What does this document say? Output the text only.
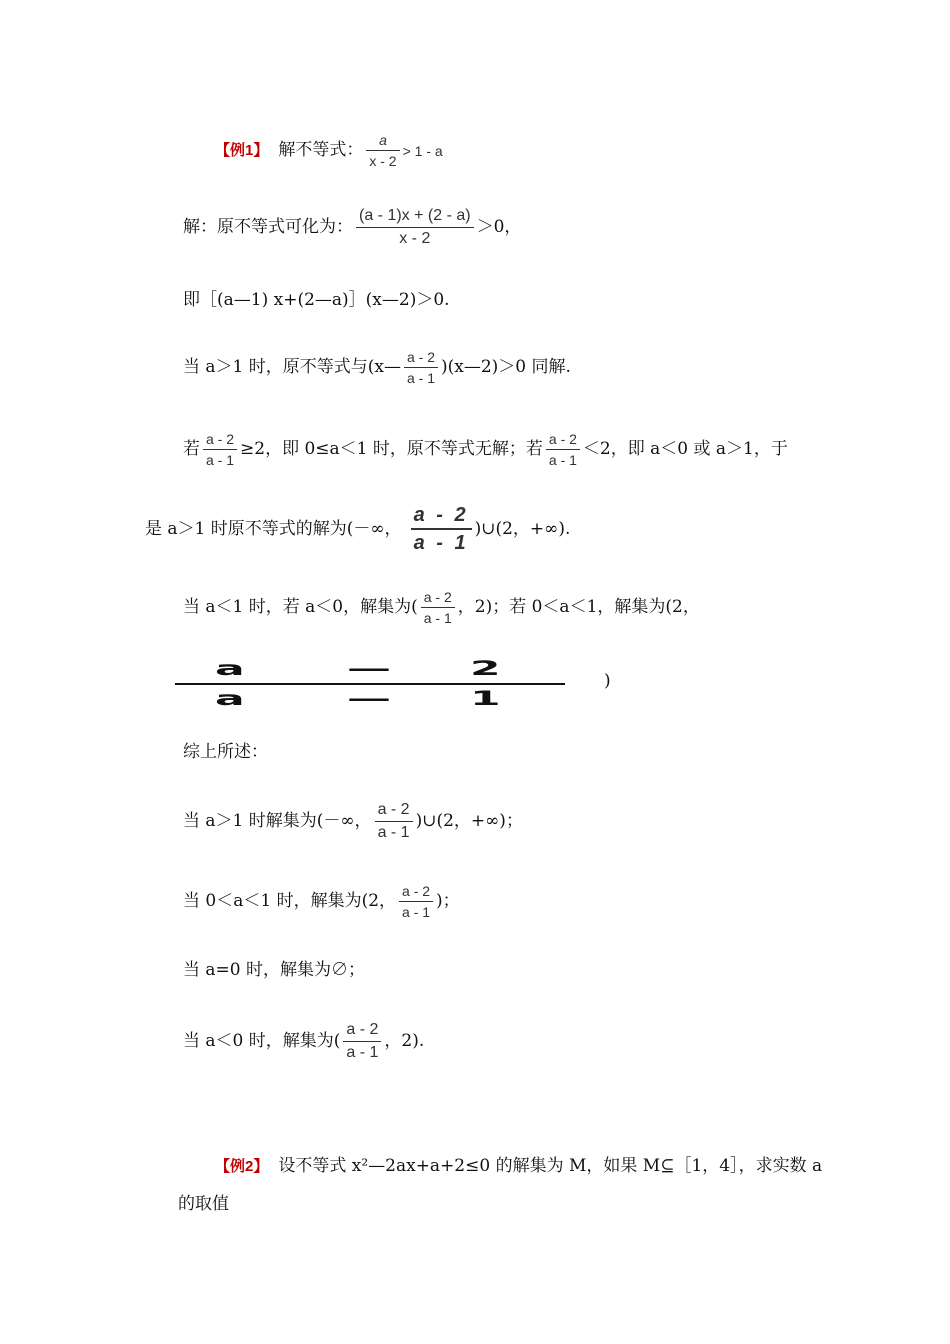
【例1】 解不等式： $\frac{a}{x - 2} > 1 - a$
解：原不等式可化为： $\frac{(a - 1)x + (2 - a)}{x - 2} >0$，
即［(a—1) x+(2—a)］(x—2)＞0.
当 a＞1 时，原不等式与(x— $\frac{a - 2}{a - 1}$ )(x—2)＞0 同解.
若 $\frac{a - 2}{a - 1} \ge 2$，即 0≤a＜1 时，原不等式无解；若 $\frac{a - 2}{a - 1} <2$，即 a＜0 或 a＞1，于
是 a＞1 时原不等式的解为(－∞， $\frac{a - 2}{a - 1}$ )∪(2，+∞).
当 a＜1 时，若 a＜0，解集为( $\frac{a - 2}{a - 1}$ ，2)；若 0＜a＜1，解集为(2，
a — 2
a — 1
)
综上所述：
当 a＞1 时解集为(－∞， $\frac{a - 2}{a - 1}$ )∪(2，+∞)；
当 0＜a＜1 时，解集为(2， $\frac{a - 2}{a - 1}$ )；
当 a=0 时，解集为∅；
当 a＜0 时，解集为( $\frac{a - 2}{a - 1}$ ，2).
【例2】 设不等式 x²—2ax+a+2≤0 的解集为 M，如果 M⊆［1，4］，求实数 a
的取值
